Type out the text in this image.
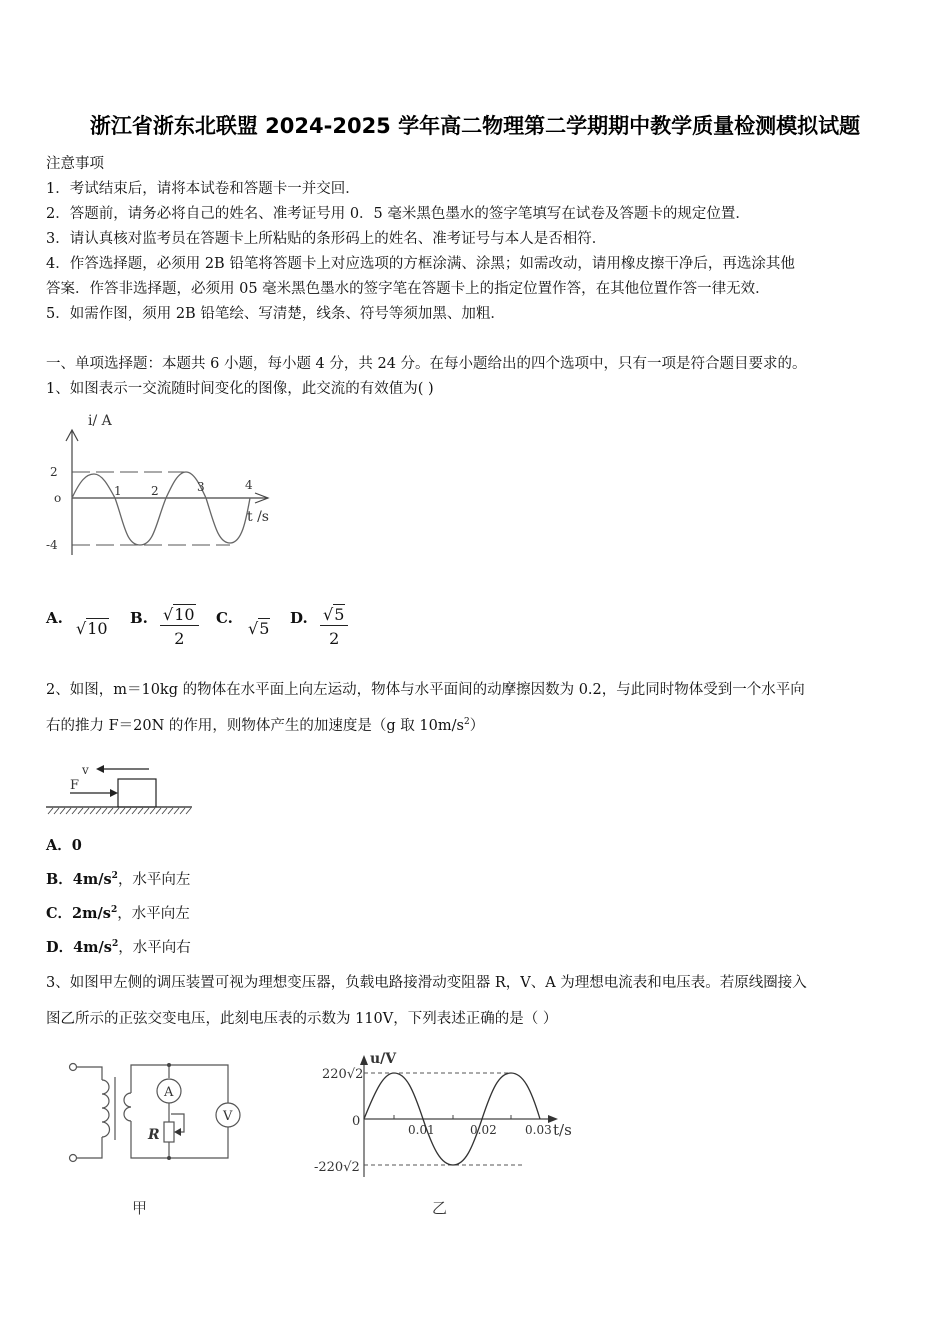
浙江省浙东北联盟 2024-2025 学年高二物理第二学期期中教学质量检测模拟试题
注意事项
1．考试结束后，请将本试卷和答题卡一并交回．
2．答题前，请务必将自己的姓名、准考证号用 0．5 毫米黑色墨水的签字笔填写在试卷及答题卡的规定位置．
3．请认真核对监考员在答题卡上所粘贴的条形码上的姓名、准考证号与本人是否相符．
4．作答选择题，必须用 2B 铅笔将答题卡上对应选项的方框涂满、涂黑；如需改动，请用橡皮擦干净后，再选涂其他
答案．作答非选择题，必须用 05 毫米黑色墨水的签字笔在答题卡上的指定位置作答，在其他位置作答一律无效．
5．如需作图，须用 2B 铅笔绘、写清楚，线条、符号等须加黑、加粗．
一、单项选择题：本题共 6 小题，每小题 4 分，共 24 分。在每小题给出的四个选项中，只有一项是符合题目要求的。
1、如图表示一交流随时间变化的图像，此交流的有效值为( )
i/ A
2
o
-4
1 2	3	4
t /s
A.
√10
B. $\frac{√10}{2} C$.
√5
D. $\frac{√5}{2}$
2、如图，m＝10kg 的物体在水平面上向左运动，物体与水平面间的动摩擦因数为 0.2，与此同时物体受到一个水平向
右的推力 F＝20N 的作用，则物体产生的加速度是（g 取 $10m/s^2$）
v
F
A．0
B．$4m/s^2$，水平向左
C．$2m/s^2$，水平向左
D．$4m/s^2$，水平向右
3、如图甲左侧的调压装置可视为理想变压器，负载电路接滑动变阻器 R，V、A 为理想电流表和电压表。若原线圈接入
图乙所示的正弦交变电压，此刻电压表的示数为 110V，下列表述正确的是（ ）
A
V
R
甲
u/V
220√2
0
-220√2
0.01	0.02 0.03 t/s
乙
